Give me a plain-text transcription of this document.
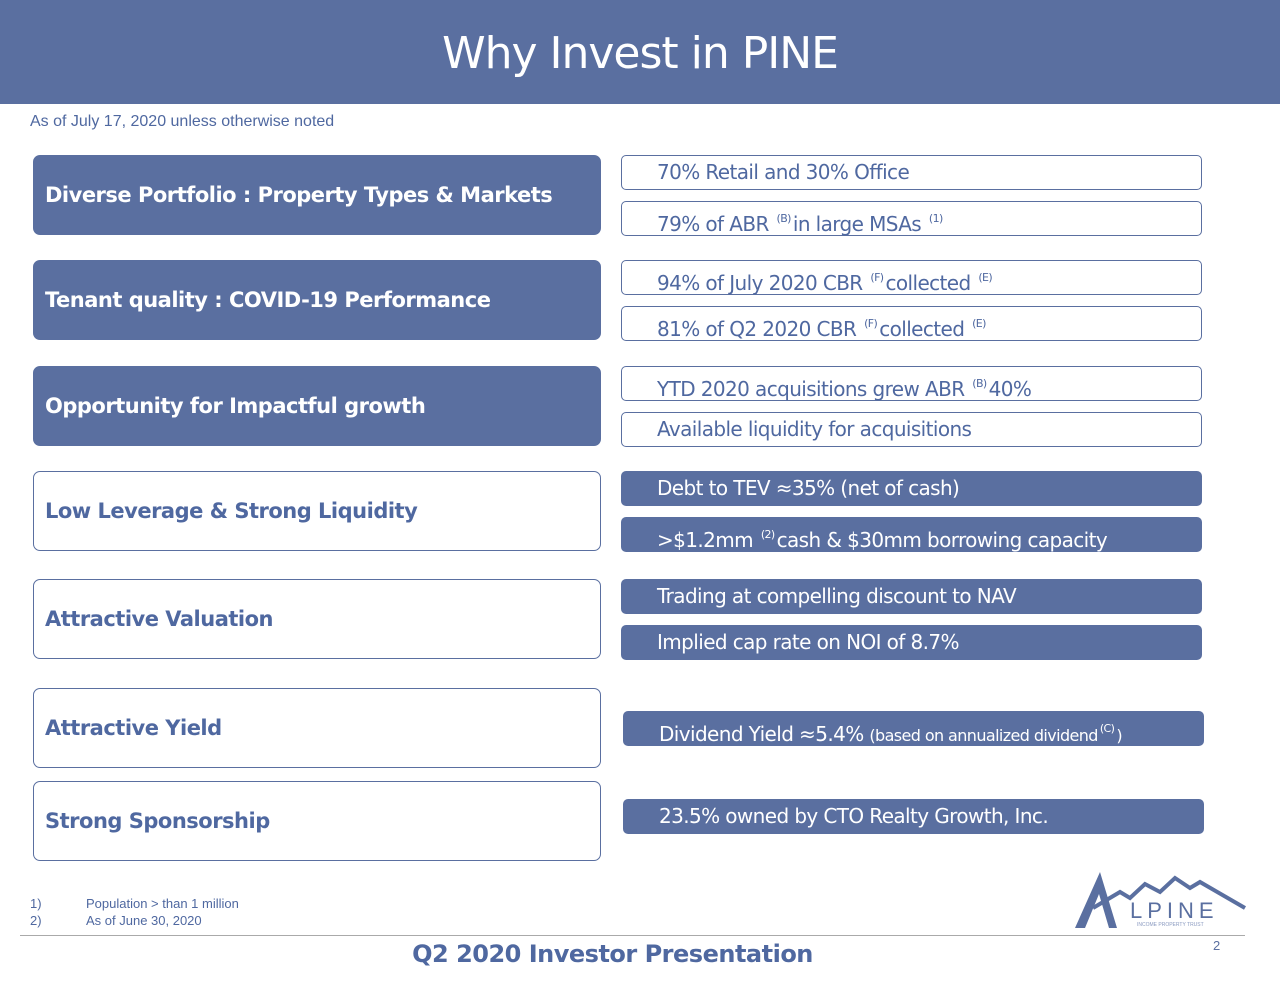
Why Invest in PINE
As of July 17, 2020 unless otherwise noted
Diverse Portfolio : Property Types & Markets
70% Retail and 30% Office
79% of ABR $^{(B)}$ in large MSAs $^{(1)}$
Tenant quality : COVID-19 Performance
94% of July 2020 CBR $^{(F)}$ collected $^{(E)}$
81% of Q2 2020 CBR $^{(F)}$ collected $^{(E)}$
Opportunity for Impactful growth
YTD 2020 acquisitions grew ABR $^{(B)}$ 40%
Available liquidity for acquisitions
Low Leverage & Strong Liquidity
Debt to TEV ≈35% (net of cash)
>$1.2mm $^{(2)}$ cash & $30mm borrowing capacity
Attractive Valuation
Trading at compelling discount to NAV
Implied cap rate on NOI of 8.7%
Attractive Yield	Dividend Yield ≈5.4% (based on annualized dividend $^{(C)}$ )
Strong Sponsorship	23.5% owned by CTO Realty Growth, Inc.
1)	Population > than 1 million
2)	As of June 30, 2020	LPINE
INCOME PROPERTY TRUST
2
Q2 2020 Investor Presentation
